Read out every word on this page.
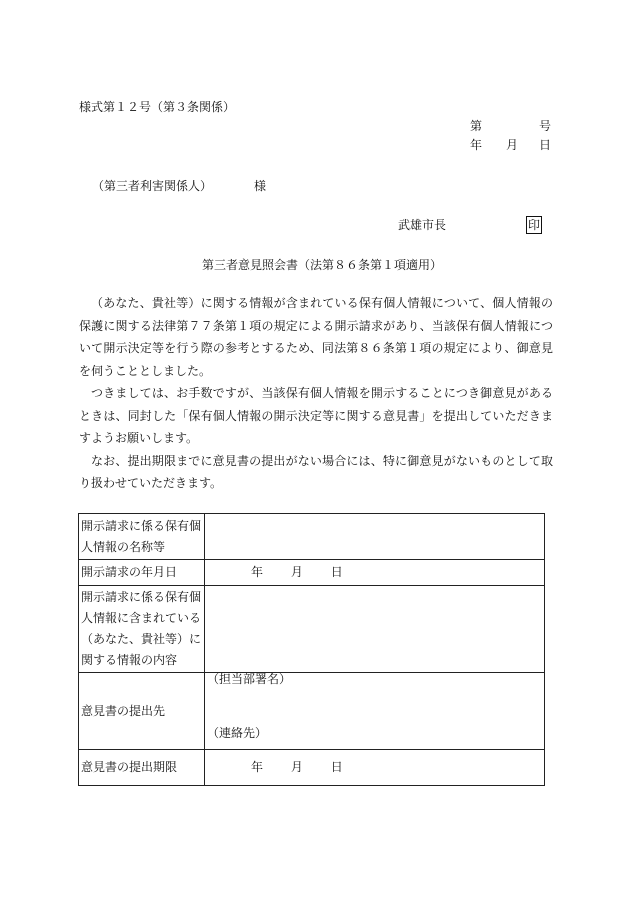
様式第１２号（第３条関係）
第	号
年 月 日
（第三者利害関係人）	様
武雄市長	印
第三者意見照会書（法第８６条第１項適用）

（あなた、貴社等）に関する情報が含まれている保有個人情報について、個人情報の保護に関する法律第７７条第１項の規定による開示請求があり、当該保有個人情報について開示決定等を行う際の参考とするため、同法第８６条第１項の規定により、御意見を伺うこととしました。

つきましては、お手数ですが、当該保有個人情報を開示することにつき御意見があるときは、同封した「保有個人情報の開示決定等に関する意見書」を提出していただきますようお願いします。

なお、提出期限までに意見書の提出がない場合には、特に御意見がないものとして取り扱わせていただきます。

開示請求に係る保有個人情報の名称等	
開示請求の年月日	年 月 日
開示請求に係る保有個人情報に含まれている（あなた、貴社等）に関する情報の内容	
意見書の提出先	（担当部署名）
（連絡先）

意見書の提出期限	年 月 日
